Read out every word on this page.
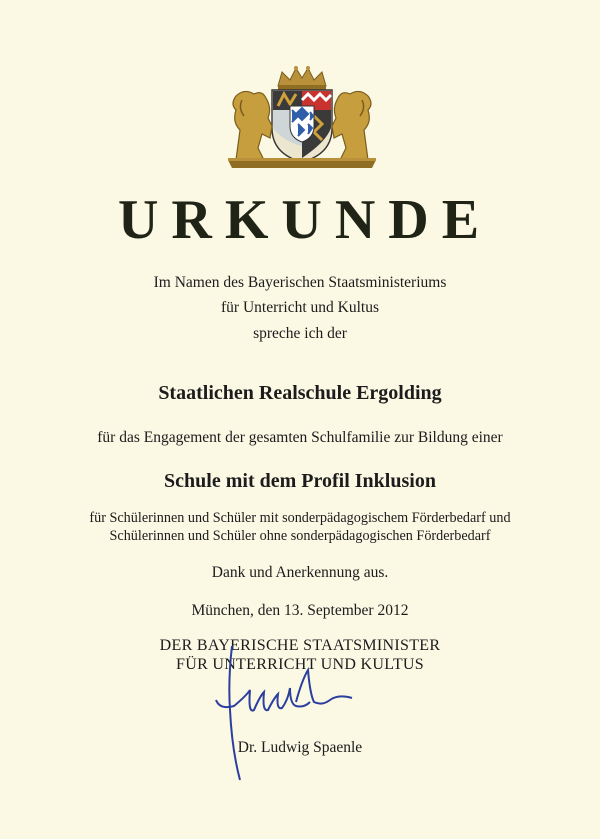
URKUNDE
Im Namen des Bayerischen Staatsministeriums
für Unterricht und Kultus
spreche ich der
Staatlichen Realschule Ergolding
für das Engagement der gesamten Schulfamilie zur Bildung einer
Schule mit dem Profil Inklusion
für Schülerinnen und Schüler mit sonderpädagogischem Förderbedarf und
Schülerinnen und Schüler ohne sonderpädagogischen Förderbedarf
Dank und Anerkennung aus.
München, den 13. September 2012
DER BAYERISCHE STAATSMINISTER
FÜR UNTERRICHT UND KULTUS
Dr. Ludwig Spaenle
